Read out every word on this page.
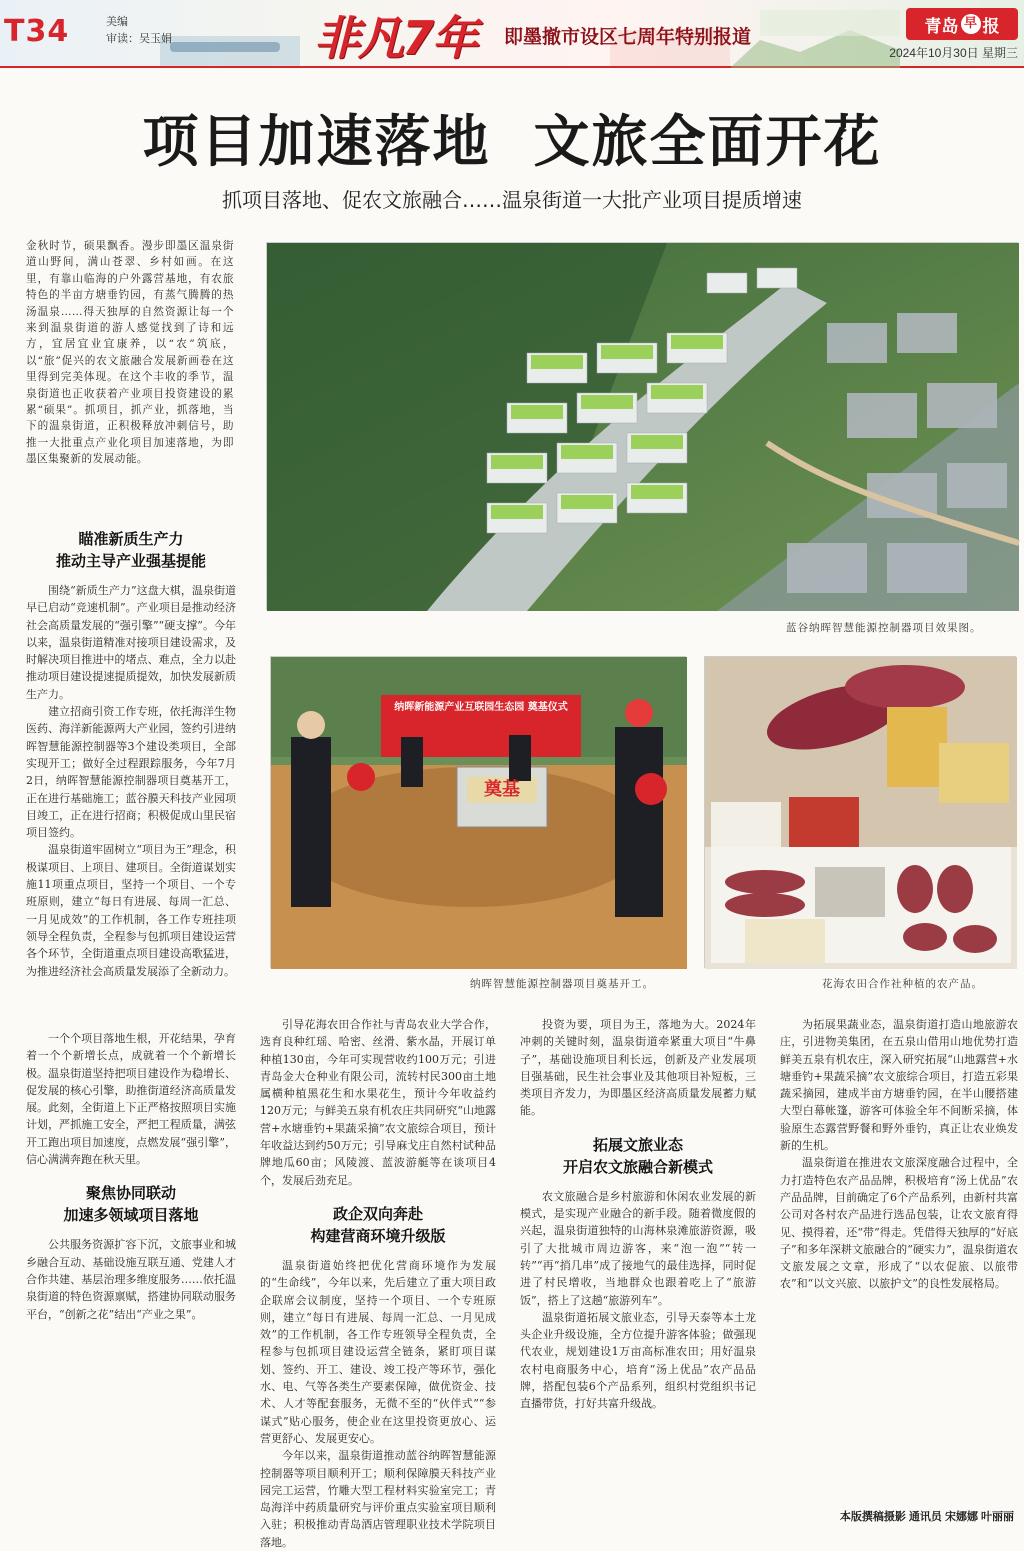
T34	美编
审读：吴玉娟	非凡7年 即墨撤市设区七周年特别报道	青岛 早 报
2024年10月30日 星期三
项目加速落地  文旅全面开花
抓项目落地、促农文旅融合……温泉街道一大批产业项目提质增速
金秋时节，硕果飘香。漫步即墨区温泉街道山野间，满山苍翠、乡村如画。在这里，有靠山临海的户外露营基地，有农旅特色的半亩方塘垂钓园，有蒸气腾腾的热汤温泉……得天独厚的自然资源让每一个来到温泉街道的游人感觉找到了诗和远方，宜居宜业宜康养，以“农”筑底，以“旅”促兴的农文旅融合发展新画卷在这里得到完美体现。在这个丰收的季节，温泉街道也正收获着产业项目投资建设的累累“硕果”。抓项目，抓产业，抓落地，当下的温泉街道，正积极释放冲刺信号，助推一大批重点产业化项目加速落地，为即墨区集聚新的发展动能。
瞄准新质生产力
推动主导产业强基提能

围绕“新质生产力”这盘大棋，温泉街道早已启动“竞速机制”。产业项目是推动经济社会高质量发展的“强引擎”“硬支撑”。今年以来，温泉街道精准对接项目建设需求，及时解决项目推进中的堵点、难点，全力以赴推动项目建设提速提质提效，加快发展新质生产力。

建立招商引资工作专班，依托海洋生物医药、海洋新能源两大产业园，签约引进纳晖智慧能源控制器等3个建设类项目，全部实现开工；做好全过程跟踪服务，今年7月2日，纳晖智慧能源控制器项目奠基开工，正在进行基础施工；蓝谷膜天科技产业园项目竣工，正在进行招商；积极促成山里民宿项目签约。

温泉街道牢固树立“项目为王”理念，积极谋项目、上项目、建项目。全街道谋划实施11项重点项目，坚持一个项目、一个专班原则，建立“每日有进展、每周一汇总、一月见成效”的工作机制，各工作专班挂项领导全程负责，全程参与包抓项目建设运营各个环节，全街道重点项目建设高歌猛进，为推进经济社会高质量发展添了全新动力。

一个个项目落地生根，开花结果，孕育着一个个新增长点，成就着一个个新增长极。温泉街道坚持把项目建设作为稳增长、促发展的核心引擎，助推街道经济高质量发展。此刻，全街道上下正严格按照项目实施计划，严抓施工安全，严把工程质量，满弦开工跑出项目加速度，点燃发展“强引擎”，信心满满奔跑在秋天里。

聚焦协同联动
加速多领域项目落地

公共服务资源扩容下沉，文旅事业和城乡融合互动、基础设施互联互通、党建人才合作共建、基层治理多维度服务……依托温泉街道的特色资源禀赋，搭建协同联动服务平台，“创新之花”结出“产业之果”。

蓝谷纳晖智慧能源控制器项目效果图。
纳晖新能源产业互联园生态园 奠基仪式
奠基
纳晖智慧能源控制器项目奠基开工。	花海农田合作社种植的农产品。

引导花海农田合作社与青岛农业大学合作，选育良种红瑶、哈密、丝滑、紫水晶，开展订单种植130亩，今年可实现营收约100万元；引进青岛金大仓种业有限公司，流转村民300亩土地属横种植黑花生和水果花生，预计今年收益约120万元；与鲜美五泉有机农庄共同研究“山地露营+水塘垂钓+果蔬采摘”农文旅综合项目，预计年收益达到约50万元；引导麻戈庄自然村试种品牌地瓜60亩；风陵渡、蓝波游艇等在谈项目4个，发展后劲充足。

政企双向奔赴
构建营商环境升级版

温泉街道始终把优化营商环境作为发展的“生命线”，今年以来，先后建立了重大项目政企联席会议制度，坚持一个项目、一个专班原则，建立“每日有进展、每周一汇总、一月见成效”的工作机制，各工作专班领导全程负责，全程参与包抓项目建设运营全链条，紧盯项目谋划、签约、开工、建设、竣工投产等环节，强化水、电、气等各类生产要素保障，做优资金、技术、人才等配套服务，无微不至的“伙伴式”“参谋式”贴心服务，使企业在这里投资更放心、运营更舒心、发展更安心。

今年以来，温泉街道推动蓝谷纳晖智慧能源控制器等项目顺利开工；顺利保障膜天科技产业园完工运营，竹雕大型工程材料实验室完工；青岛海洋中药质量研究与评价重点实验室项目顺利入驻；积极推动青岛酒店管理职业技术学院项目落地。

投资为要，项目为王，落地为大。2024年冲刺的关键时刻，温泉街道牵紧重大项目“牛鼻子”，基础设施项目利长远，创新及产业发展项目强基础，民生社会事业及其他项目补短板，三类项目齐发力，为即墨区经济高质量发展蓄力赋能。

拓展文旅业态
开启农文旅融合新模式

农文旅融合是乡村旅游和休闲农业发展的新模式，是实现产业融合的新手段。随着微度假的兴起，温泉街道独特的山海林泉滩旅游资源，吸引了大批城市周边游客，来“泡一泡”“转一转”“再“捎几串”成了接地气的最佳选择，同时促进了村民增收，当地群众也跟着吃上了“旅游饭”，搭上了这趟“旅游列车”。

温泉街道拓展文旅业态，引导天泰等本土龙头企业升级设施，全方位提升游客体验；做强现代农业，规划建设1万亩高标准农田；用好温泉农村电商服务中心，培育“汤上优品”农产品品牌，搭配包装6个产品系列，组织村党组织书记直播带货，打好共富升级战。

为拓展果蔬业态，温泉街道打造山地旅游农庄，引进物美集团，在五泉山借用山地优势打造鲜美五泉有机农庄，深入研究拓展“山地露营+水塘垂钓+果蔬采摘”农文旅综合项目，打造五彩果蔬采摘园，建成半亩方塘垂钓园，在半山腰搭建大型白幕帐篷，游客可体验全年不间断采摘，体验原生态露营野餐和野外垂钓，真正让农业焕发新的生机。

温泉街道在推进农文旅深度融合过程中，全力打造特色农产品品牌，积极培育“汤上优品”农产品品牌，目前确定了6个产品系列，由新村共富公司对各村农产品进行选品包装，让农文旅育得见、摸得着，还“带”得走。凭借得天独厚的“好底子”和多年深耕文旅融合的“硬实力”，温泉街道农文旅发展之文章，形成了“以农促旅、以旅带农”和“以文兴旅、以旅护文”的良性发展格局。

本版撰稿摄影 通讯员 宋娜娜 叶丽丽
